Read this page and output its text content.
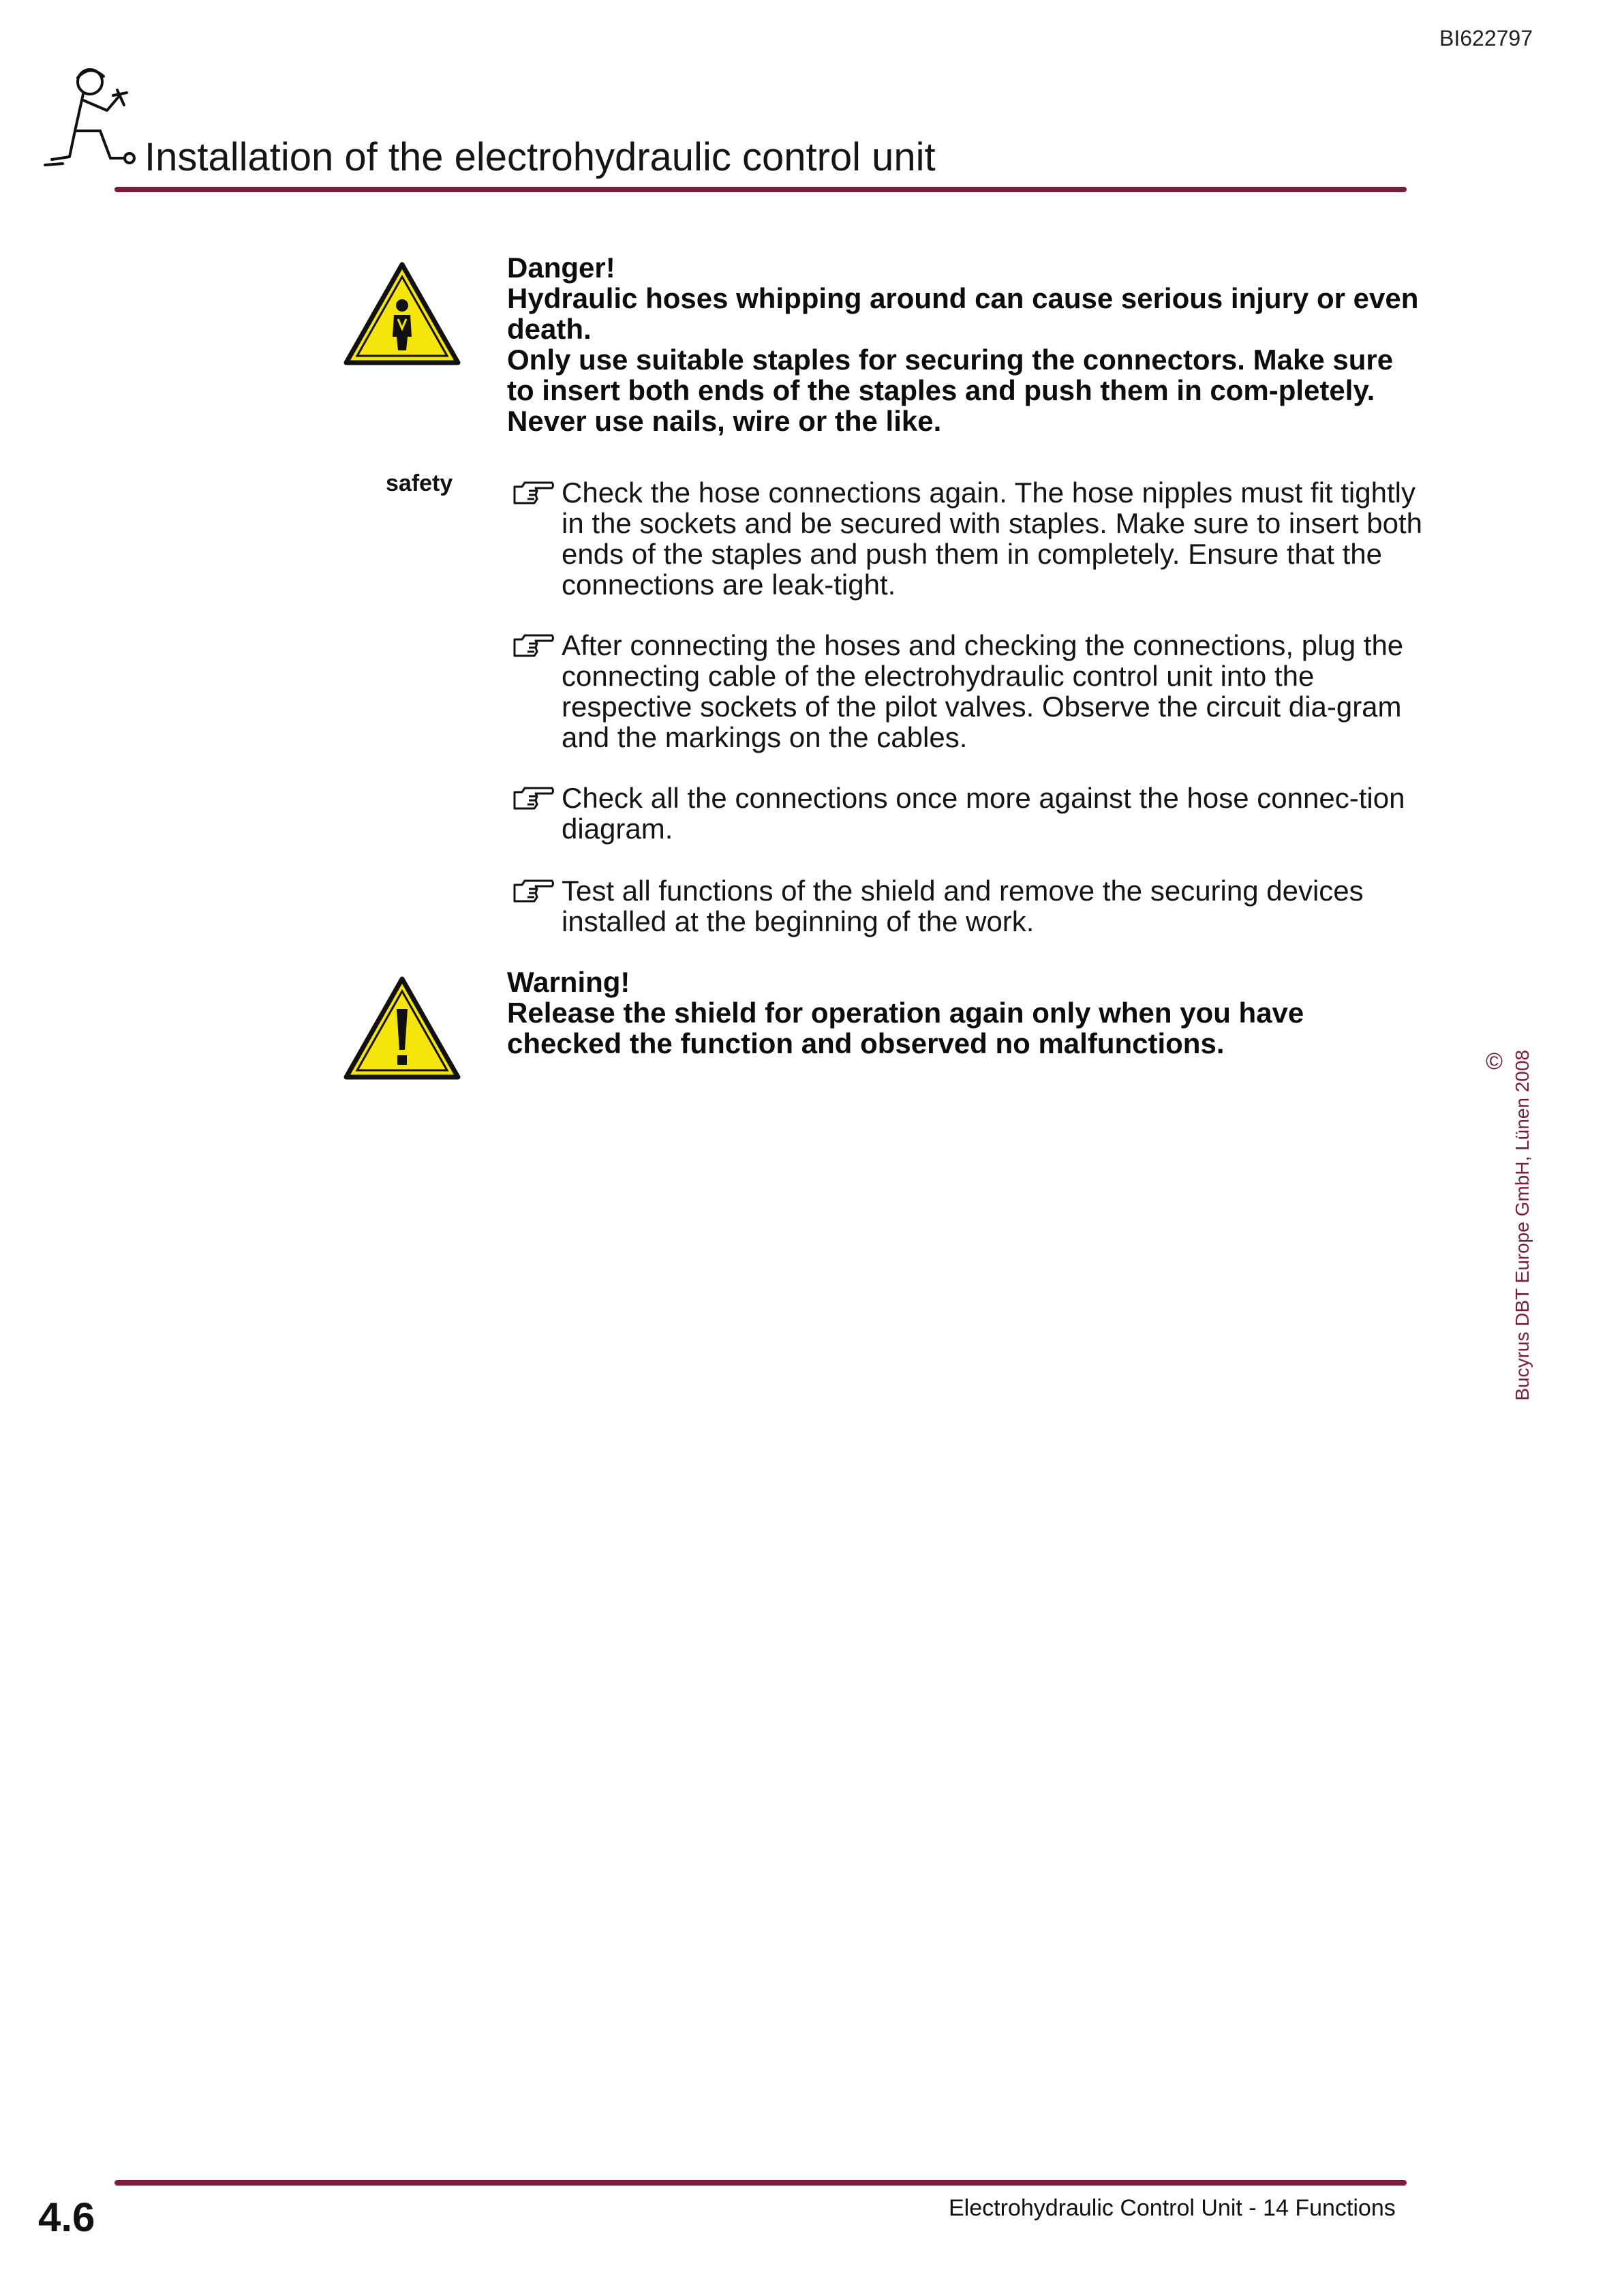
BI622797
Installation of the electrohydraulic control unit

Danger!

Hydraulic hoses whipping around can cause serious injury or even death.

Only use suitable staples for securing the connectors. Make sure to insert both ends of the staples and push them in com-pletely. Never use nails, wire or the like.

safety	Check the hose connections again. The hose nipples must fit tightly in the sockets and be secured with staples. Make sure to insert both ends of the staples and push them in completely. Ensure that the connections are leak-tight.
After connecting the hoses and checking the connections, plug the connecting cable of the electrohydraulic control unit into the respective sockets of the pilot valves. Observe the circuit dia-gram and the markings on the cables.
Check all the connections once more against the hose connec-tion diagram.
Test all functions of the shield and remove the securing devices installed at the beginning of the work.

Warning!

Release the shield for operation again only when you have checked the function and observed no malfunctions.

© Bucyrus DBT Europe GmbH, Lünen 2008
4.6	Electrohydraulic Control Unit - 14 Functions
